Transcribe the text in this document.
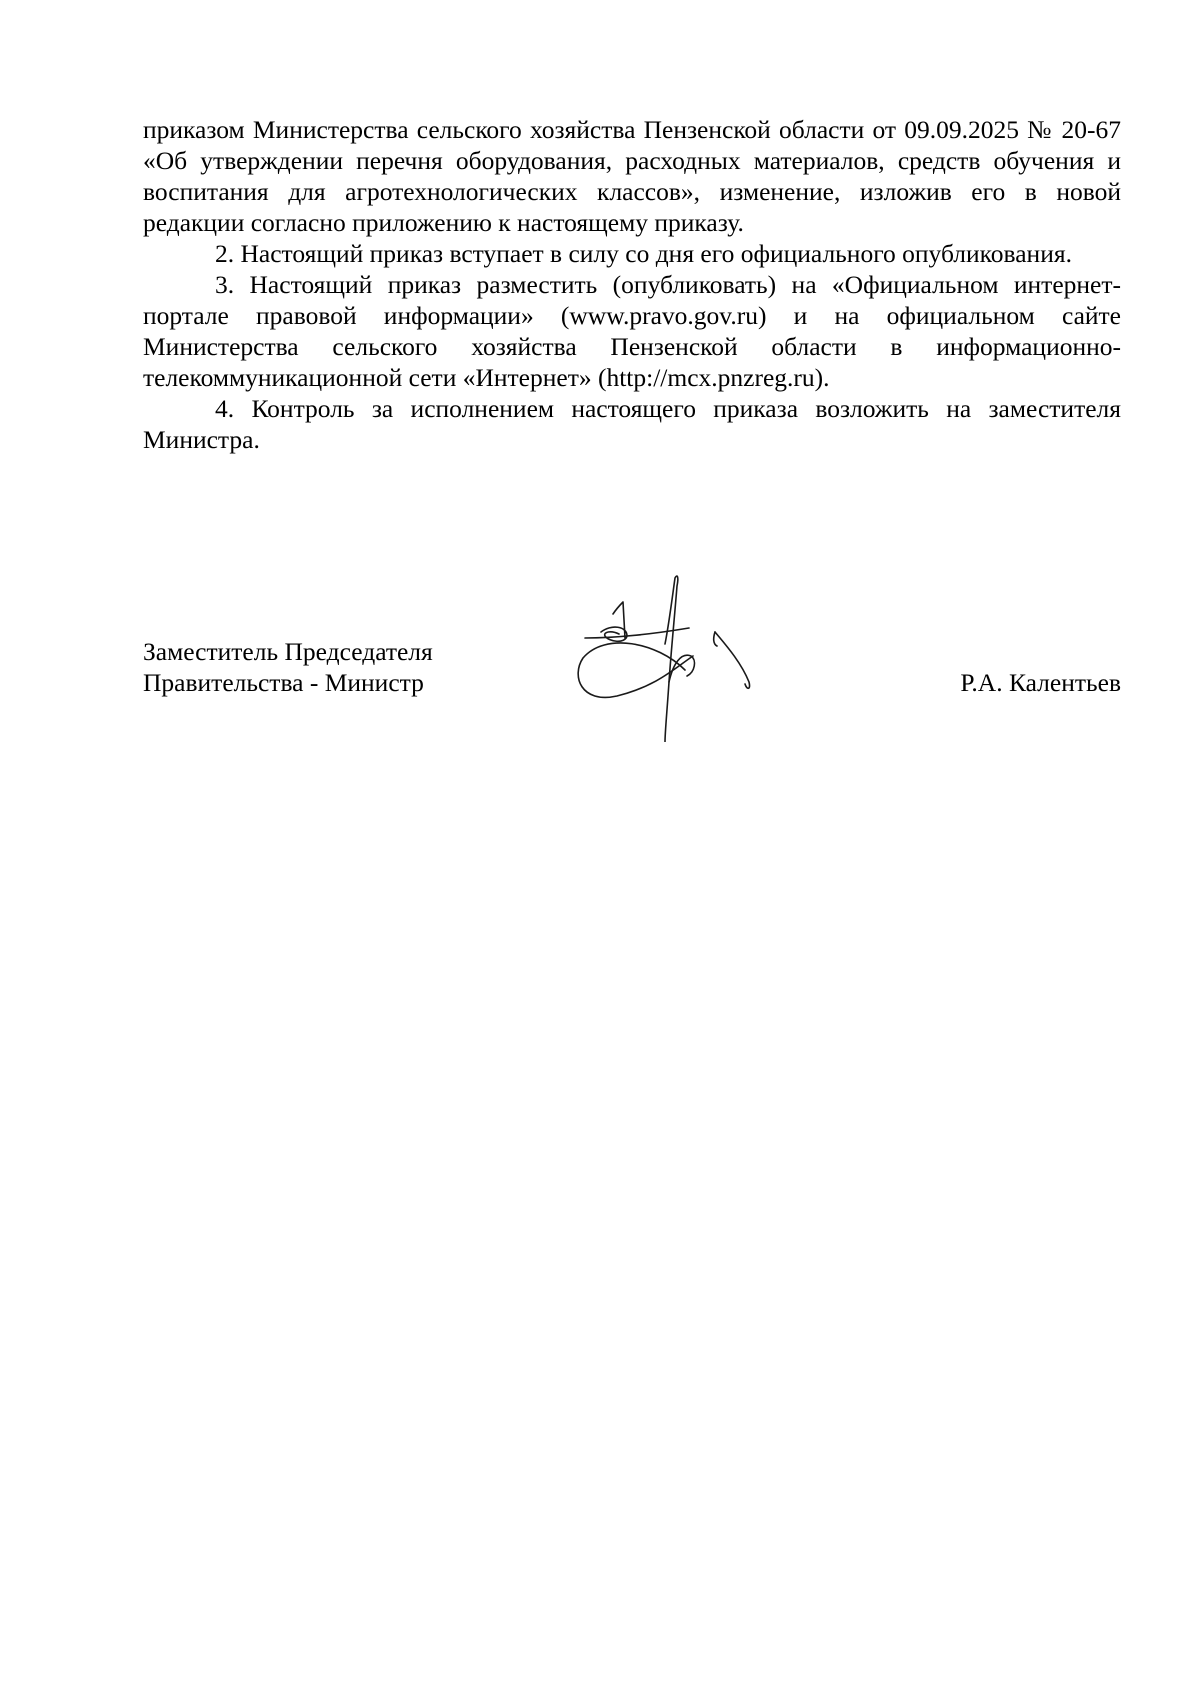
приказом Министерства сельского хозяйства Пензенской области от 09.09.2025 № 20-67 «Об утверждении перечня оборудования, расходных материалов, средств обучения и воспитания для агротехнологических классов», изменение, изложив его в новой редакции согласно приложению к настоящему приказу.

2. Настоящий приказ вступает в силу со дня его официального опубликования.

3. Настоящий приказ разместить (опубликовать) на «Официальном интернет-портале правовой информации» (www.pravo.gov.ru) и на официальном сайте Министерства сельского хозяйства Пензенской области в информационно-телекоммуникационной сети «Интернет» (http://mcx.pnzreg.ru).

4. Контроль за исполнением настоящего приказа возложить на заместителя Министра.

Заместитель Председателя
Правительства - Министр	Р.А. Калентьев
